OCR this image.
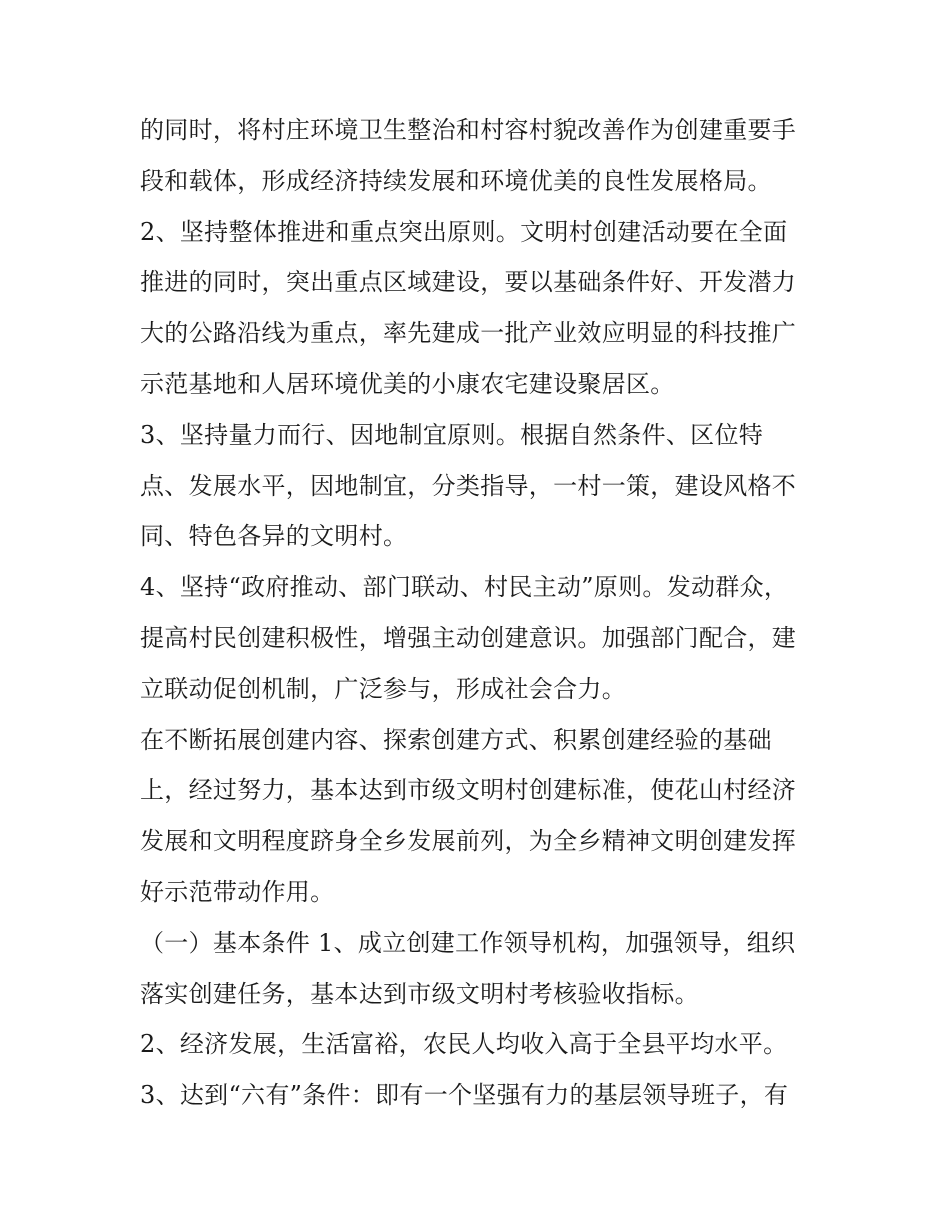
的同时，将村庄环境卫生整治和村容村貌改善作为创建重要手
段和载体，形成经济持续发展和环境优美的良性发展格局。
2、坚持整体推进和重点突出原则。文明村创建活动要在全面
推进的同时，突出重点区域建设，要以基础条件好、开发潜力
大的公路沿线为重点，率先建成一批产业效应明显的科技推广
示范基地和人居环境优美的小康农宅建设聚居区。
3、坚持量力而行、因地制宜原则。根据自然条件、区位特
点、发展水平，因地制宜，分类指导，一村一策，建设风格不
同、特色各异的文明村。
4、坚持“政府推动、部门联动、村民主动”原则。发动群众，
提高村民创建积极性，增强主动创建意识。加强部门配合，建
立联动促创机制，广泛参与，形成社会合力。
在不断拓展创建内容、探索创建方式、积累创建经验的基础
上，经过努力，基本达到市级文明村创建标准，使花山村经济
发展和文明程度跻身全乡发展前列，为全乡精神文明创建发挥
好示范带动作用。
（一）基本条件 1、成立创建工作领导机构，加强领导，组织
落实创建任务，基本达到市级文明村考核验收指标。
2、经济发展，生活富裕，农民人均收入高于全县平均水平。
3、达到“六有”条件：即有一个坚强有力的基层领导班子，有
